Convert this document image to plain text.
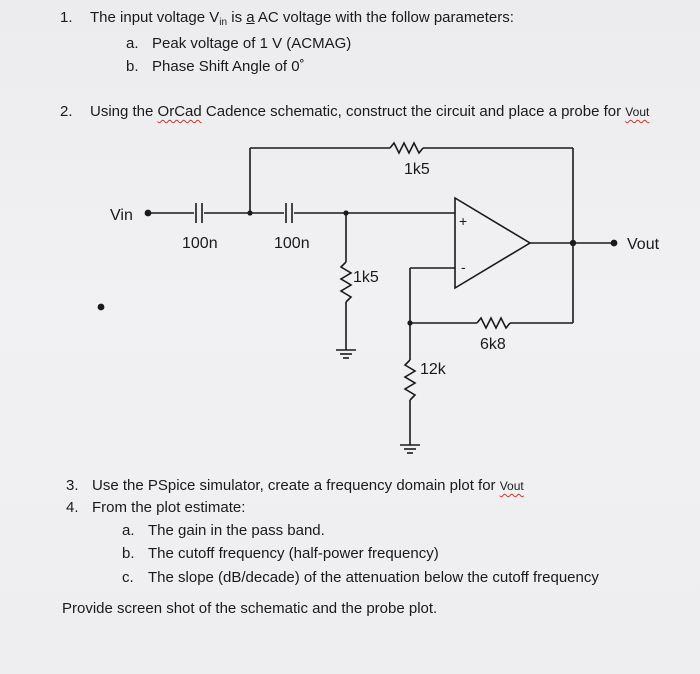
1. The input voltage $V_{in}$ is a AC voltage with the follow parameters:
a. Peak voltage of 1 V (ACMAG)
b. Phase Shift Angle of 0˚
2. Using the OrCad Cadence schematic, construct the circuit and place a probe for Vout
Vin
Vout
100n	100n
1k5
1k5
12k
6k8
+
-
3. Use the PSpice simulator, create a frequency domain plot for Vout
4. From the plot estimate:
a. The gain in the pass band.
b. The cutoff frequency (half-power frequency)
c. The slope (dB/decade) of the attenuation below the cutoff frequency
Provide screen shot of the schematic and the probe plot.
